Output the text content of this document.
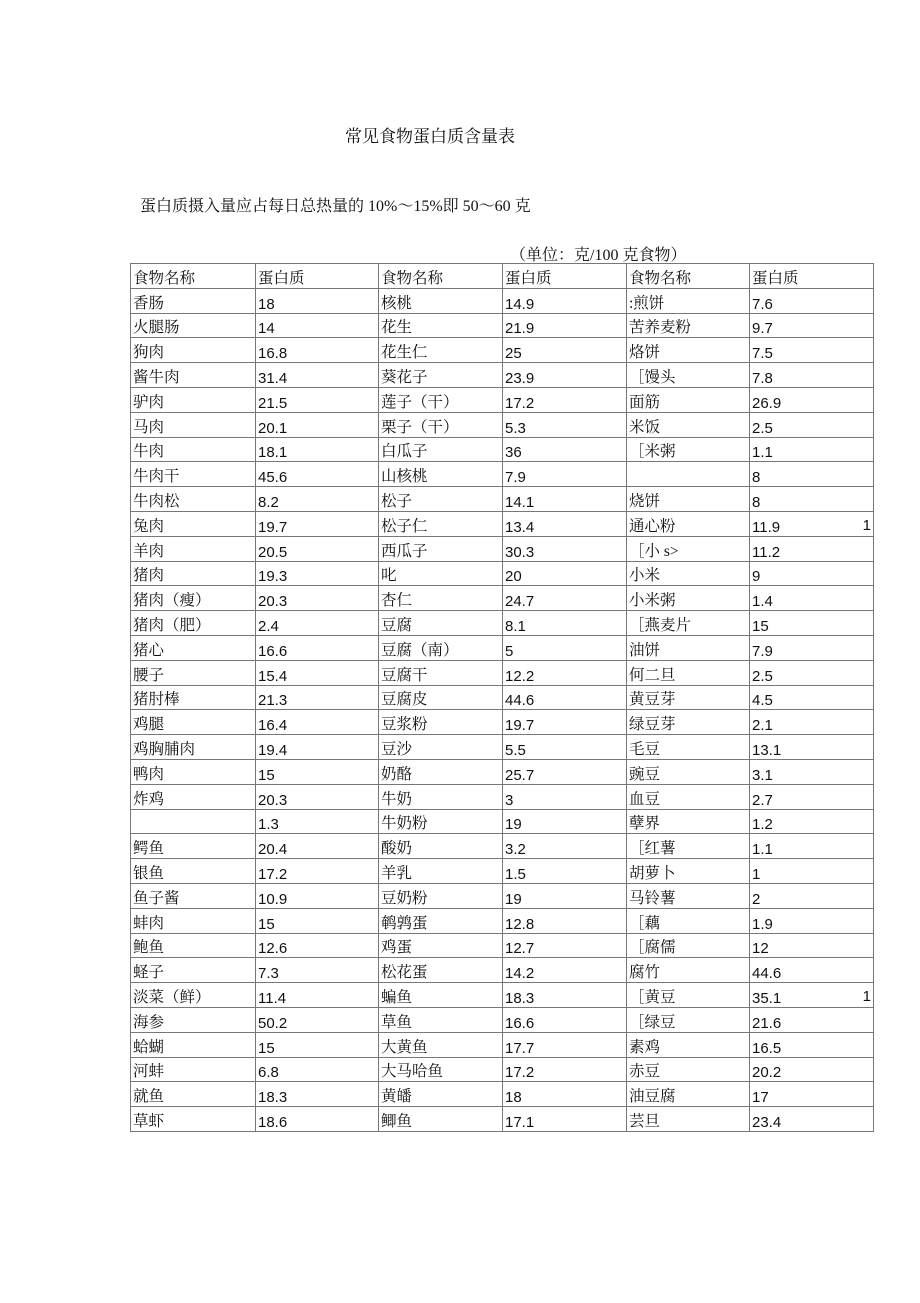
常见食物蛋白质含量表
蛋白质摄入量应占每日总热量的 10%～15%即 50～60 克
（单位：克/100 克食物）
食物名称	蛋白质	食物名称	蛋白质	食物名称	蛋白质
香肠	18	核桃	14.9	:煎饼	7.6
火腿肠	14	花生	21.9	苦养麦粉	9.7
狗肉	16.8	花生仁	25	烙饼	7.5
酱牛肉	31.4	葵花子	23.9	［馒头	7.8
驴肉	21.5	莲子（干）	17.2	面筋	26.9
马肉	20.1	栗子（干）	5.3	米饭	2.5
牛肉	18.1	白瓜子	36	［米粥	1.1
牛肉干	45.6	山核桃	7.9		8
牛肉松	8.2	松子	14.1	烧饼	8
兔肉	19.7	松子仁	13.4	通心粉	11.9 1

羊肉	20.5	西瓜子	30.3	［小 s>	11.2
猪肉	19.3	叱	20	小米	9
猪肉（瘦）	20.3	杏仁	24.7	小米粥	1.4
猪肉（肥）	2.4	豆腐	8.1	［燕麦片	15
猪心	16.6	豆腐（南）	5	油饼	7.9
腰子	15.4	豆腐干	12.2	何二旦	2.5
猪肘棒	21.3	豆腐皮	44.6	黄豆芽	4.5
鸡腿	16.4	豆浆粉	19.7	绿豆芽	2.1
鸡胸脯肉	19.4	豆沙	5.5	毛豆	13.1
鸭肉	15	奶酪	25.7	豌豆	3.1
炸鸡	20.3	牛奶	3	血豆	2.7
	1.3	牛奶粉	19	孽界	1.2
鳄鱼	20.4	酸奶	3.2	［红薯	1.1
银鱼	17.2	羊乳	1.5	胡萝卜	1
鱼子酱	10.9	豆奶粉	19	马铃薯	2
蚌肉	15	鹌鹑蛋	12.8	［藕	1.9
鲍鱼	12.6	鸡蛋	12.7	［腐儒	12
蛏子	7.3	松花蛋	14.2	腐竹	44.6
淡菜（鲜）	11.4	蝙鱼	18.3	［黄豆	35.1 1

海参	50.2	草鱼	16.6	［绿豆	21.6
蛤蝴	15	大黄鱼	17.7	素鸡	16.5
河蚌	6.8	大马哈鱼	17.2	赤豆	20.2
就鱼	18.3	黄皤	18	油豆腐	17
草虾	18.6	鲫鱼	17.1	芸旦	23.4
